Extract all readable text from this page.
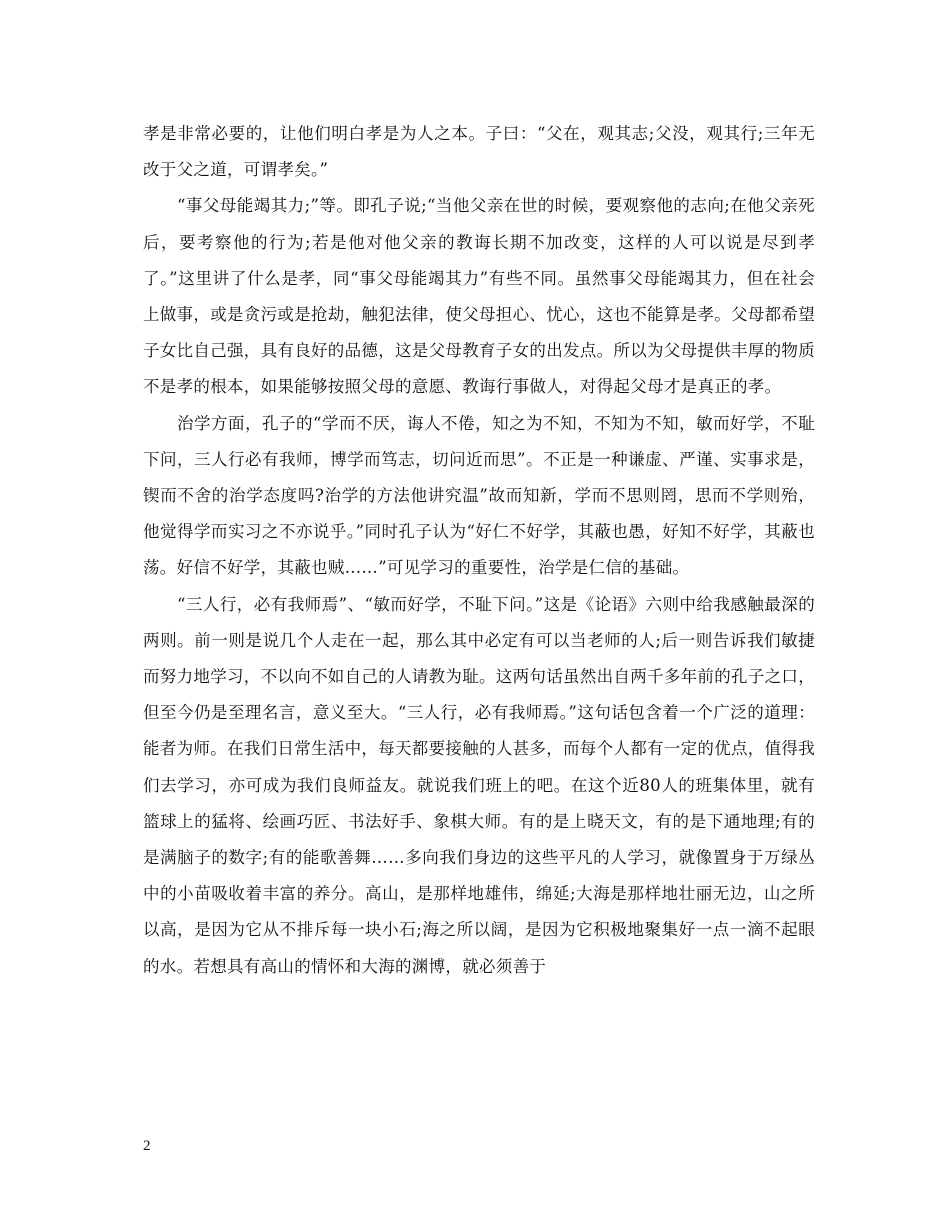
孝是非常必要的，让他们明白孝是为人之本。子曰：“父在，观其志;父没，观其行;三年无改于父之道，可谓孝矣。”

“事父母能竭其力;”等。即孔子说;“当他父亲在世的时候，要观察他的志向;在他父亲死后，要考察他的行为;若是他对他父亲的教诲长期不加改变，这样的人可以说是尽到孝了。”这里讲了什么是孝，同“事父母能竭其力”有些不同。虽然事父母能竭其力，但在社会上做事，或是贪污或是抢劫，触犯法律，使父母担心、忧心，这也不能算是孝。父母都希望子女比自己强，具有良好的品德，这是父母教育子女的出发点。所以为父母提供丰厚的物质不是孝的根本，如果能够按照父母的意愿、教诲行事做人，对得起父母才是真正的孝。

治学方面，孔子的“学而不厌，诲人不倦，知之为不知，不知为不知，敏而好学，不耻下问，三人行必有我师，博学而笃志，切问近而思”。不正是一种谦虚、严谨、实事求是，锲而不舍的治学态度吗?治学的方法他讲究温”故而知新，学而不思则罔，思而不学则殆，他觉得学而实习之不亦说乎。”同时孔子认为“好仁不好学，其蔽也愚，好知不好学，其蔽也荡。好信不好学，其蔽也贼……”可见学习的重要性，治学是仁信的基础。

“三人行，必有我师焉”、“敏而好学，不耻下问。”这是《论语》六则中给我感触最深的两则。前一则是说几个人走在一起，那么其中必定有可以当老师的人;后一则告诉我们敏捷而努力地学习，不以向不如自己的人请教为耻。这两句话虽然出自两千多年前的孔子之口，但至今仍是至理名言，意义至大。“三人行，必有我师焉。”这句话包含着一个广泛的道理：能者为师。在我们日常生活中，每天都要接触的人甚多，而每个人都有一定的优点，值得我们去学习，亦可成为我们良师益友。就说我们班上的吧。在这个近80人的班集体里，就有篮球上的猛将、绘画巧匠、书法好手、象棋大师。有的是上晓天文，有的是下通地理;有的是满脑子的数字;有的能歌善舞……多向我们身边的这些平凡的人学习，就像置身于万绿丛中的小苗吸收着丰富的养分。高山，是那样地雄伟，绵延;大海是那样地壮丽无边，山之所以高，是因为它从不排斥每一块小石;海之所以阔，是因为它积极地聚集好一点一滴不起眼的水。若想具有高山的情怀和大海的渊博，就必须善于

2
